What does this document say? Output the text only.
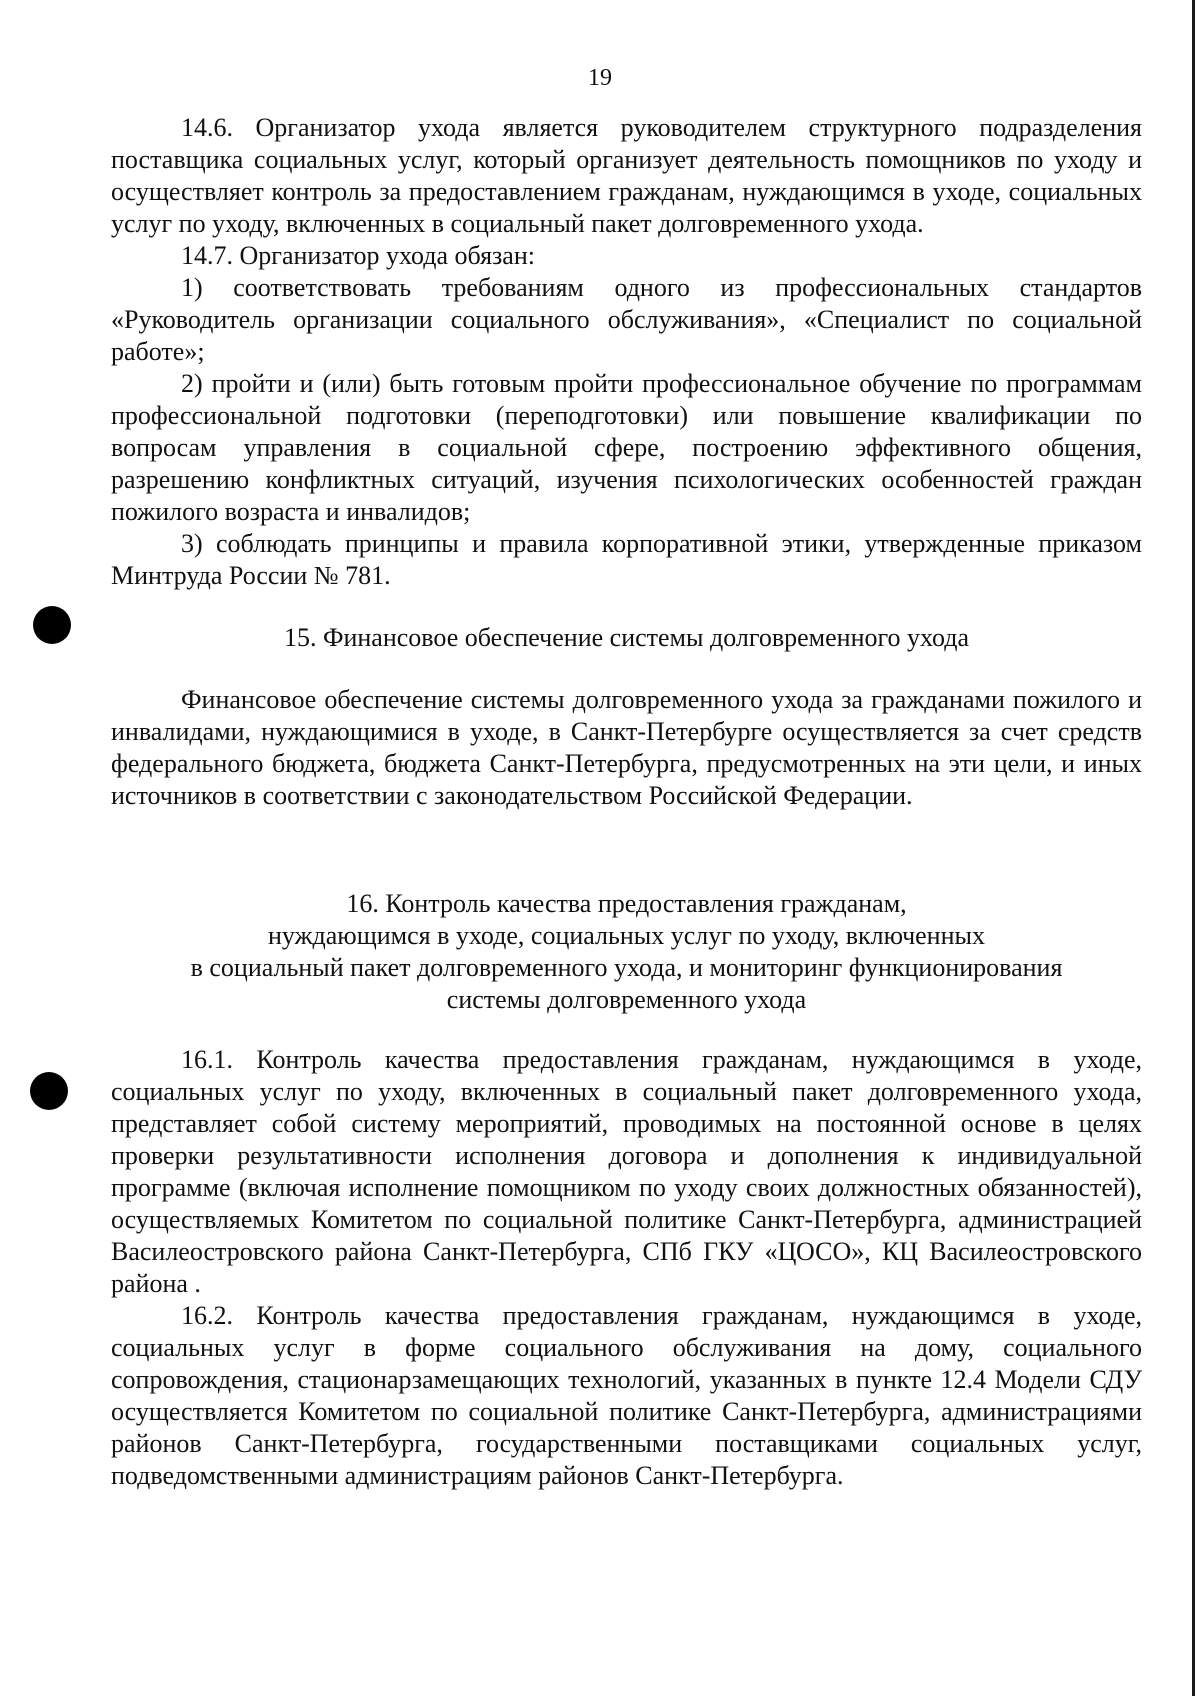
19

14.6. Организатор ухода является руководителем структурного подразделения поставщика социальных услуг, который организует деятельность помощников по уходу и осуществляет контроль за предоставлением гражданам, нуждающимся в уходе, социальных услуг по уходу, включенных в социальный пакет долговременного ухода.

14.7. Организатор ухода обязан:

1) соответствовать требованиям одного из профессиональных стандартов «Руководитель организации социального обслуживания», «Специалист по социальной работе»;

2) пройти и (или) быть готовым пройти профессиональное обучение по программам профессиональной подготовки (переподготовки) или повышение квалификации по вопросам управления в социальной сфере, построению эффективного общения, разрешению конфликтных ситуаций, изучения психологических особенностей граждан пожилого возраста и инвалидов;

3) соблюдать принципы и правила корпоративной этики, утвержденные приказом Минтруда России № 781.

15. Финансовое обеспечение системы долговременного ухода

Финансовое обеспечение системы долговременного ухода за гражданами пожилого и инвалидами, нуждающимися в уходе, в Санкт-Петербурге осуществляется за счет средств федерального бюджета, бюджета Санкт-Петербурга, предусмотренных на эти цели, и иных источников в соответствии с законодательством Российской Федерации.

16. Контроль качества предоставления гражданам,

нуждающимся в уходе, социальных услуг по уходу, включенных

в социальный пакет долговременного ухода, и мониторинг функционирования

системы долговременного ухода

16.1. Контроль качества предоставления гражданам, нуждающимся в уходе, социальных услуг по уходу, включенных в социальный пакет долговременного ухода, представляет собой систему мероприятий, проводимых на постоянной основе в целях проверки результативности исполнения договора и дополнения к индивидуальной программе (включая исполнение помощником по уходу своих должностных обязанностей), осуществляемых Комитетом по социальной политике Санкт-Петербурга, администрацией Василеостровского района Санкт-Петербурга, СПб ГКУ «ЦОСО», КЦ Василеостровского района .

16.2. Контроль качества предоставления гражданам, нуждающимся в уходе, социальных услуг в форме социального обслуживания на дому, социального сопровождения, стационарзамещающих технологий, указанных в пункте 12.4 Модели СДУ осуществляется Комитетом по социальной политике Санкт-Петербурга, администрациями районов Санкт-Петербурга, государственными поставщиками социальных услуг, подведомственными администрациям районов Санкт-Петербурга.
